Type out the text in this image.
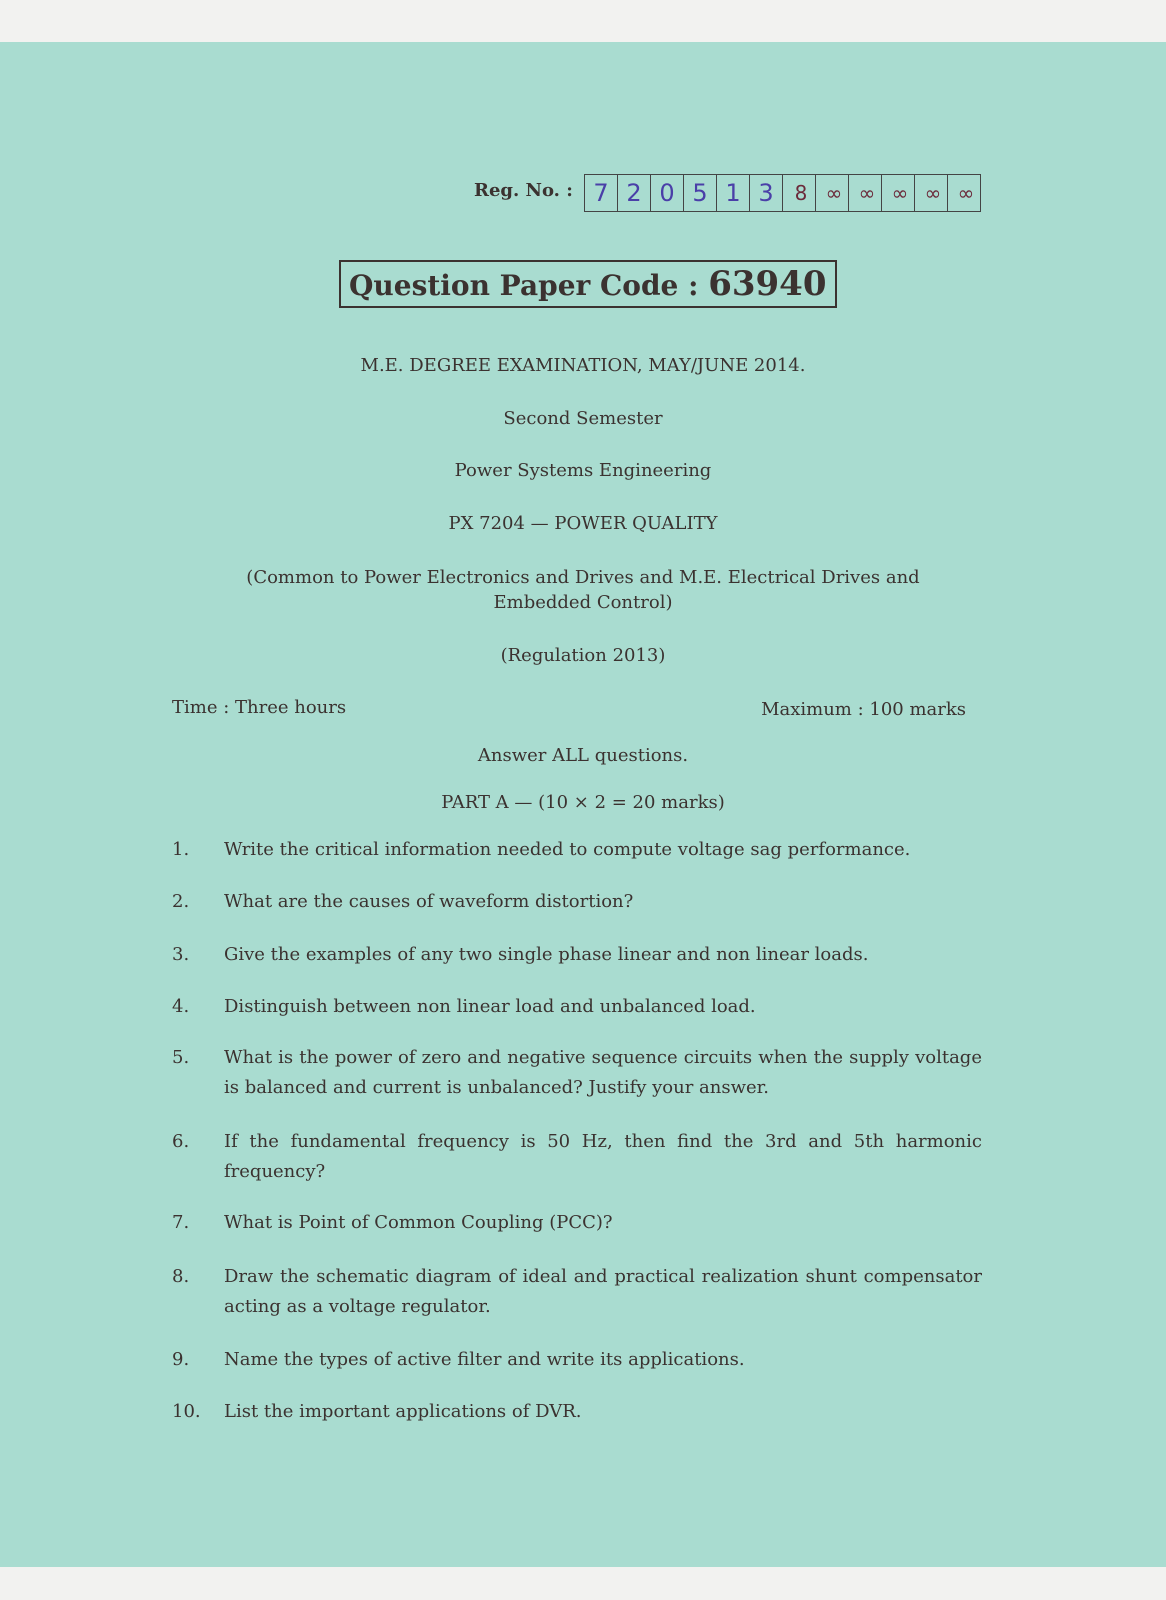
Reg. No. : 7 2 0 5 1 3	8	∞	∞	∞	∞	∞
Question Paper Code : 63940
M.E. DEGREE EXAMINATION, MAY/JUNE 2014.
Second Semester
Power Systems Engineering
PX 7204 — POWER QUALITY
(Common to Power Electronics and Drives and M.E. Electrical Drives and
Embedded Control)
(Regulation 2013)
Time : Three hours	Maximum : 100 marks
Answer ALL questions.
PART A — (10 × 2 = 20 marks)
1. Write the critical information needed to compute voltage sag performance.
2. What are the causes of waveform distortion?
3. Give the examples of any two single phase linear and non linear loads.
4. Distinguish between non linear load and unbalanced load.
5. What is the power of zero and negative sequence circuits when the supply voltage is balanced and current is unbalanced? Justify your answer.
6. If the fundamental frequency is 50 Hz, then find the 3rd and 5th harmonic frequency?
7. What is Point of Common Coupling (PCC)?
8. Draw the schematic diagram of ideal and practical realization shunt compensator acting as a voltage regulator.
9. Name the types of active filter and write its applications.
10. List the important applications of DVR.
